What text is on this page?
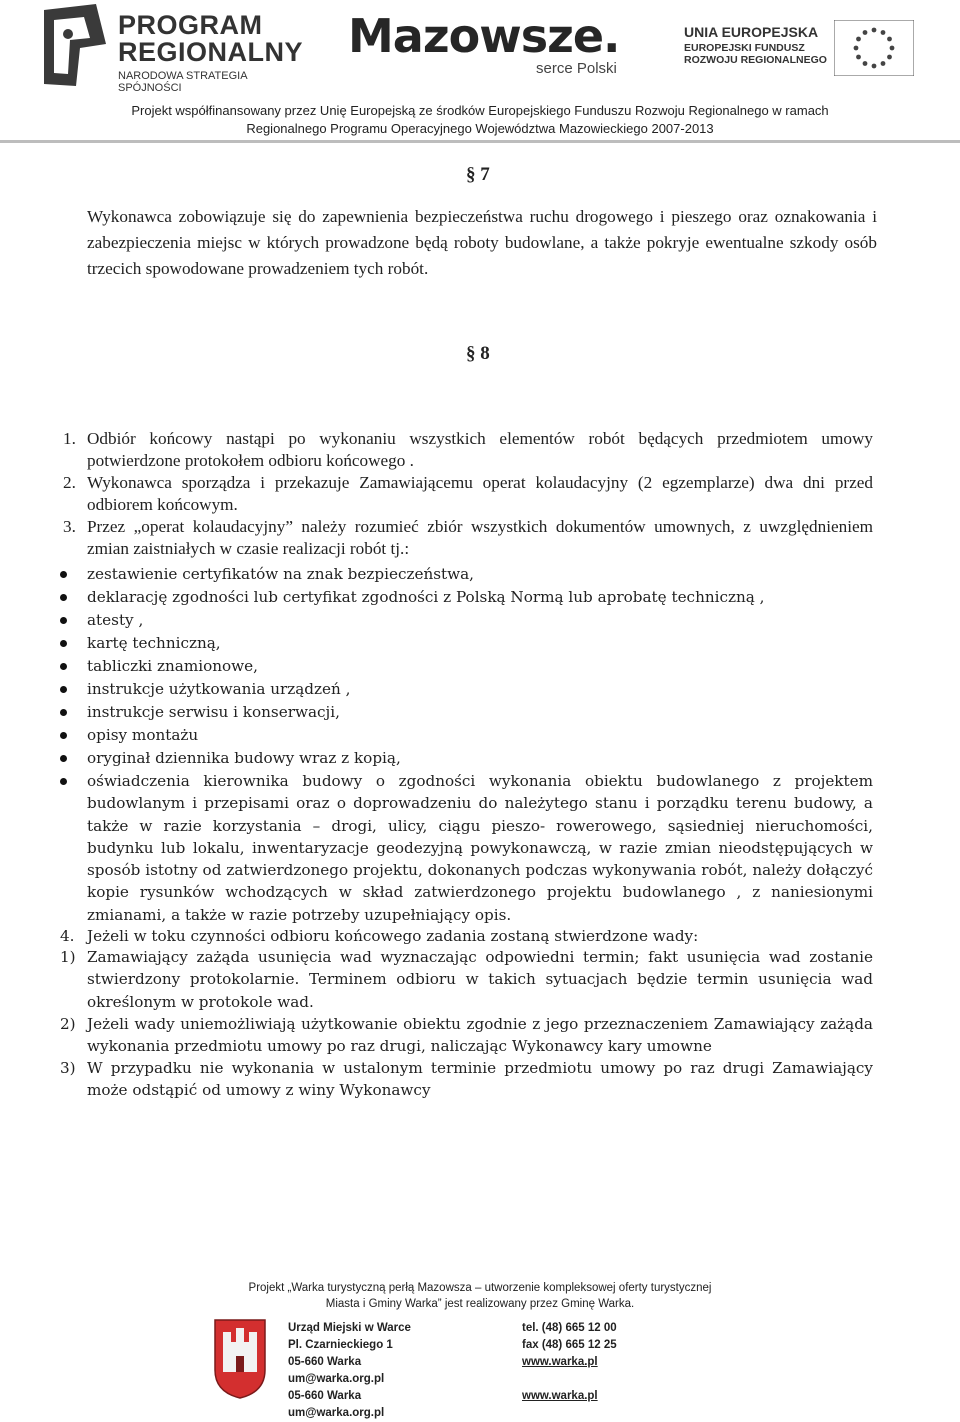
PROGRAM
REGIONALNY
NARODOWA STRATEGIA SPÓJNOŚCI
Mazowsze.
serce Polski
UNIA EUROPEJSKA
EUROPEJSKI FUNDUSZ
ROZWOJU REGIONALNEGO
Projekt współfinansowany przez Unię Europejską ze środków Europejskiego Funduszu Rozwoju Regionalnego w ramach
Regionalnego Programu Operacyjnego Województwa Mazowieckiego 2007-2013
§ 7
Wykonawca zobowiązuje się do zapewnienia bezpieczeństwa ruchu drogowego i pieszego oraz oznakowania i zabezpieczenia miejsc w których prowadzone będą roboty budowlane, a także pokryje ewentualne szkody osób trzecich spowodowane prowadzeniem tych robót.
§ 8
1. Odbiór końcowy nastąpi po wykonaniu wszystkich elementów robót będących przedmiotem umowy potwierdzone protokołem odbioru końcowego .
2. Wykonawca sporządza i przekazuje Zamawiającemu operat kolaudacyjny (2 egzemplarze) dwa dni przed odbiorem końcowym.
3. Przez „operat kolaudacyjny” należy rozumieć zbiór wszystkich dokumentów umownych, z uwzględnieniem zmian zaistniałych w czasie realizacji robót tj.:
zestawienie certyfikatów na znak bezpieczeństwa,
deklarację zgodności lub certyfikat zgodności z Polską Normą lub aprobatę techniczną ,
atesty ,
kartę techniczną,
tabliczki znamionowe,
instrukcje użytkowania urządzeń ,
instrukcje serwisu i konserwacji,
opisy montażu
oryginał dziennika budowy wraz z kopią,
oświadczenia kierownika budowy o zgodności wykonania obiektu budowlanego z projektem budowlanym i przepisami oraz o doprowadzeniu do należytego stanu i porządku terenu budowy, a także w razie korzystania – drogi, ulicy, ciągu pieszo- rowerowego, sąsiedniej nieruchomości, budynku lub lokalu, inwentaryzacje geodezyjną powykonawczą, w razie zmian nieodstępujących w sposób istotny od zatwierdzonego projektu, dokonanych podczas wykonywania robót, należy dołączyć kopie rysunków wchodzących w skład zatwierdzonego projektu budowlanego , z naniesionymi zmianami, a także w razie potrzeby uzupełniający opis.
4. Jeżeli w toku czynności odbioru końcowego zadania zostaną stwierdzone wady:
1) Zamawiający zażąda usunięcia wad wyznaczając odpowiedni termin; fakt usunięcia wad zostanie stwierdzony protokolarnie. Terminem odbioru w takich sytuacjach będzie termin usunięcia wad określonym w protokole wad.
2) Jeżeli wady uniemożliwiają użytkowanie obiektu zgodnie z jego przeznaczeniem Zamawiający zażąda wykonania przedmiotu umowy po raz drugi, naliczając Wykonawcy kary umowne
3) W przypadku nie wykonania w ustalonym terminie przedmiotu umowy po raz drugi Zamawiający może odstąpić od umowy z winy Wykonawcy
Projekt „Warka turystyczną perłą Mazowsza – utworzenie kompleksowej oferty turystycznej
Miasta i Gminy Warka” jest realizowany przez Gminę Warka.
Urząd Miejski w Warce
Pl. Czarnieckiego 1
05-660 Warka
um@warka.org.pl
05-660 Warka
um@warka.org.pl
tel. (48) 665 12 00
fax (48) 665 12 25
www.warka.pl
www.warka.pl
